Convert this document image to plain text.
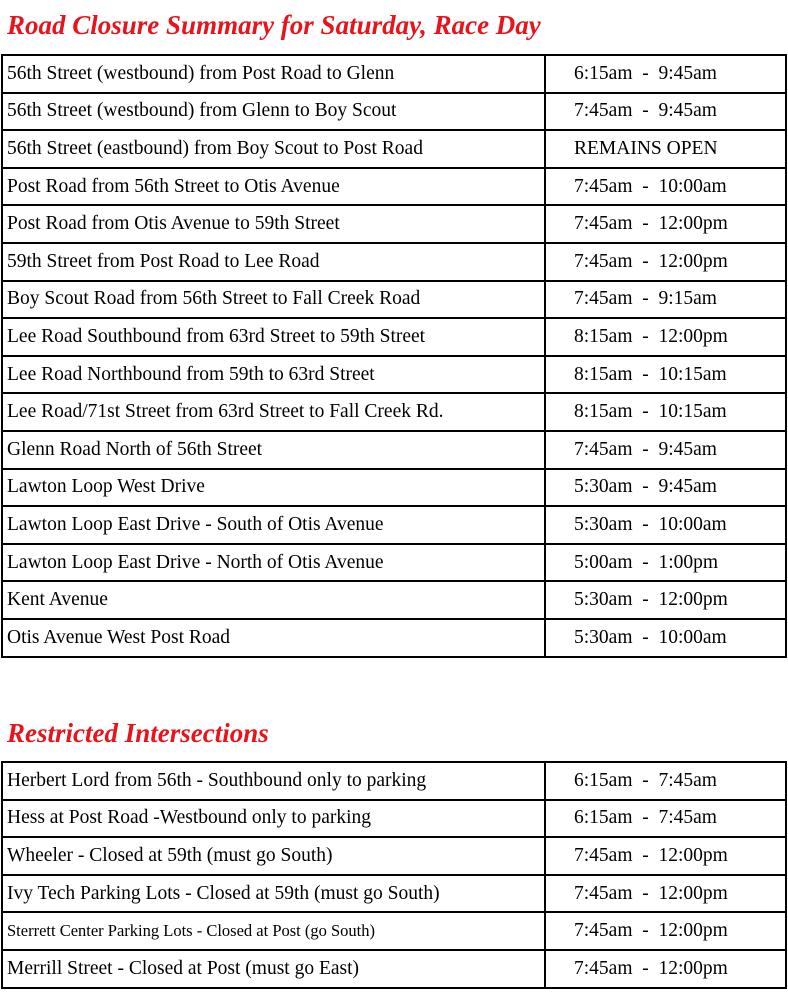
Road Closure Summary for Saturday, Race Day
56th Street (westbound) from Post Road to Glenn	6:15am  -  9:45am
56th Street (westbound) from Glenn to Boy Scout	7:45am  -  9:45am
56th Street (eastbound) from Boy Scout to Post Road	REMAINS OPEN
Post Road from 56th Street to Otis Avenue	7:45am  -  10:00am
Post Road from Otis Avenue to 59th Street	7:45am  -  12:00pm
59th Street from Post Road to Lee Road	7:45am  -  12:00pm
Boy Scout Road from 56th Street to Fall Creek Road	7:45am  -  9:15am
Lee Road Southbound from 63rd Street to 59th Street	8:15am  -  12:00pm
Lee Road Northbound from 59th to 63rd Street	8:15am  -  10:15am
Lee Road/71st Street from 63rd Street to Fall Creek Rd.	8:15am  -  10:15am
Glenn Road North of 56th Street	7:45am  -  9:45am
Lawton Loop West Drive	5:30am  -  9:45am
Lawton Loop East Drive - South of Otis Avenue	5:30am  -  10:00am
Lawton Loop East Drive - North of Otis Avenue	5:00am  -  1:00pm
Kent Avenue	5:30am  -  12:00pm
Otis Avenue West Post Road	5:30am  -  10:00am
Restricted Intersections
Herbert Lord from 56th - Southbound only to parking	6:15am  -  7:45am
Hess at Post Road -Westbound only to parking	6:15am  -  7:45am
Wheeler - Closed at 59th (must go South)	7:45am  -  12:00pm
Ivy Tech Parking Lots - Closed at 59th (must go South)	7:45am  -  12:00pm
Sterrett Center Parking Lots - Closed at Post (go South)	7:45am  -  12:00pm
Merrill Street - Closed at Post (must go East)	7:45am  -  12:00pm
